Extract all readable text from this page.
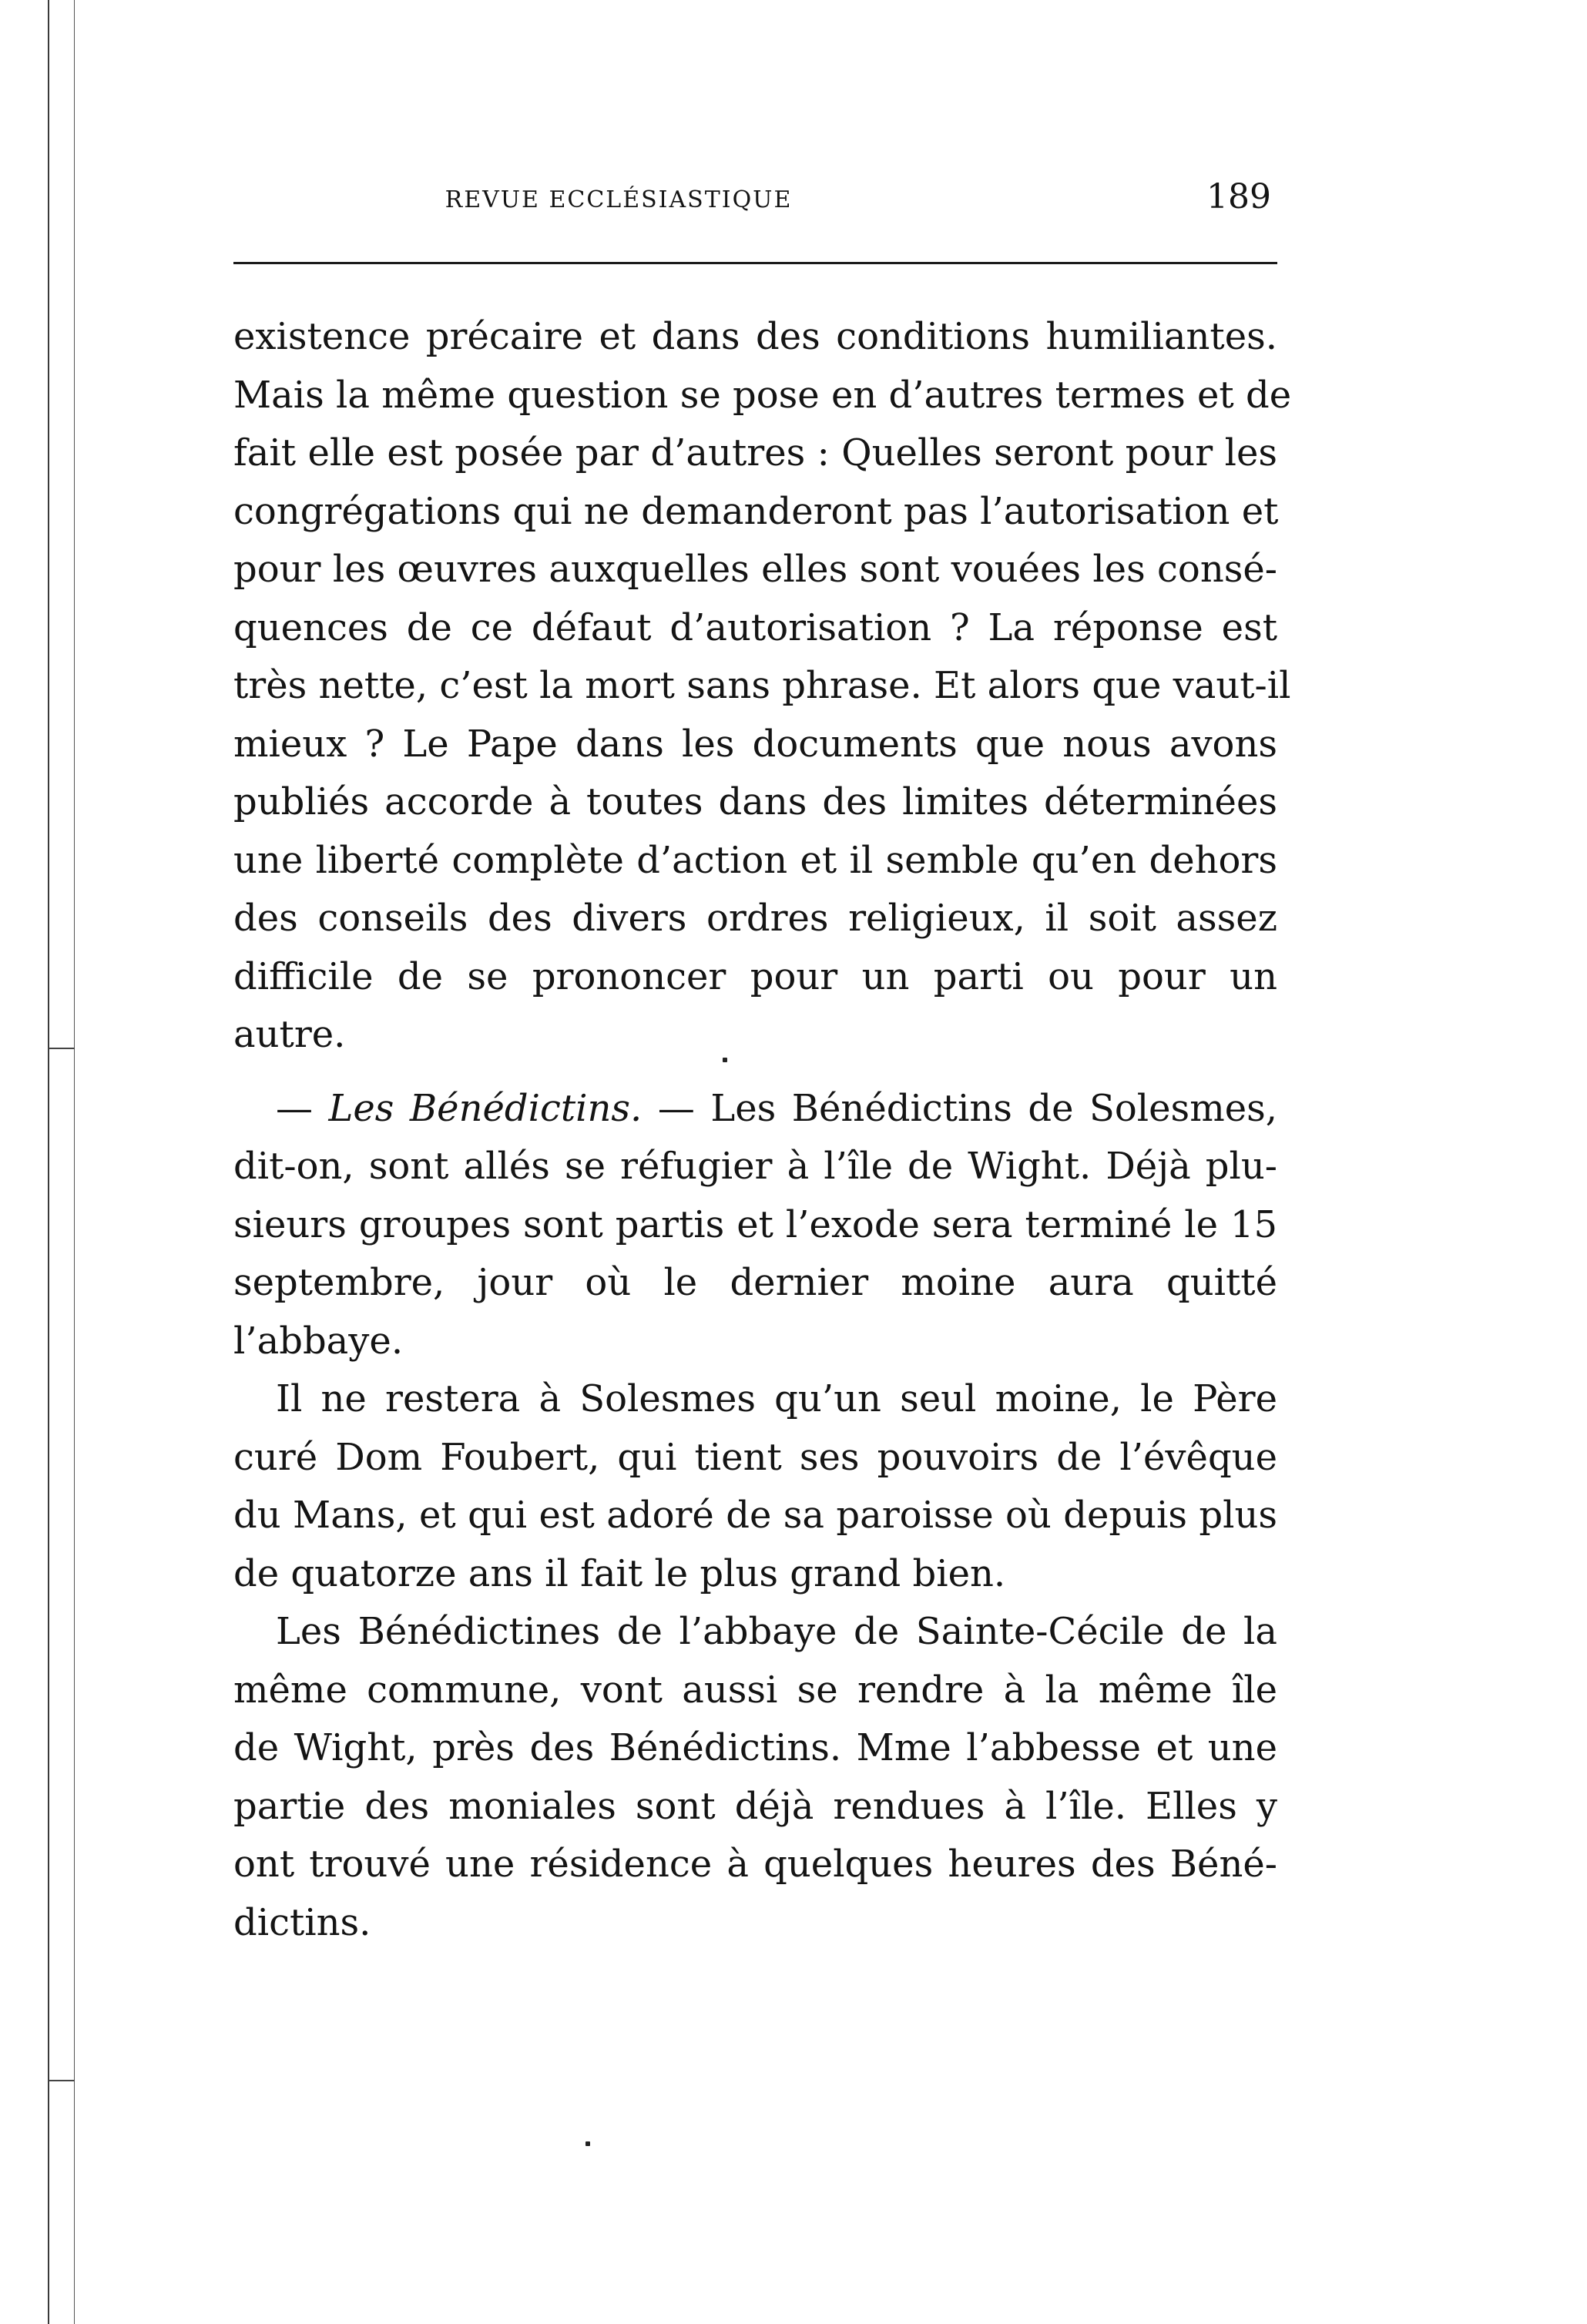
REVUE ECCLÉSIASTIQUE	189
existence précaire et dans des conditions humiliantes.
Mais la même question se pose en d’autres termes et de
fait elle est posée par d’autres : Quelles seront pour les
congrégations qui ne demanderont pas l’autorisation et
pour les œuvres auxquelles elles sont vouées les consé-
quences de ce défaut d’autorisation ? La réponse est
très nette, c’est la mort sans phrase. Et alors que vaut-il
mieux ? Le Pape dans les documents que nous avons
publiés accorde à toutes dans des limites déterminées
une liberté complète d’action et il semble qu’en dehors
des conseils des divers ordres religieux, il soit assez
difficile de se prononcer pour un parti ou pour un
autre.
— Les Bénédictins. — Les Bénédictins de Solesmes,
dit-on, sont allés se réfugier à l’île de Wight. Déjà plu-
sieurs groupes sont partis et l’exode sera terminé le 15
septembre, jour où le dernier moine aura quitté
l’abbaye.
Il ne restera à Solesmes qu’un seul moine, le Père
curé Dom Foubert, qui tient ses pouvoirs de l’évêque
du Mans, et qui est adoré de sa paroisse où depuis plus
de quatorze ans il fait le plus grand bien.
Les Bénédictines de l’abbaye de Sainte-Cécile de la
même commune, vont aussi se rendre à la même île
de Wight, près des Bénédictins. Mme l’abbesse et une
partie des moniales sont déjà rendues à l’île. Elles y
ont trouvé une résidence à quelques heures des Béné-
dictins.
